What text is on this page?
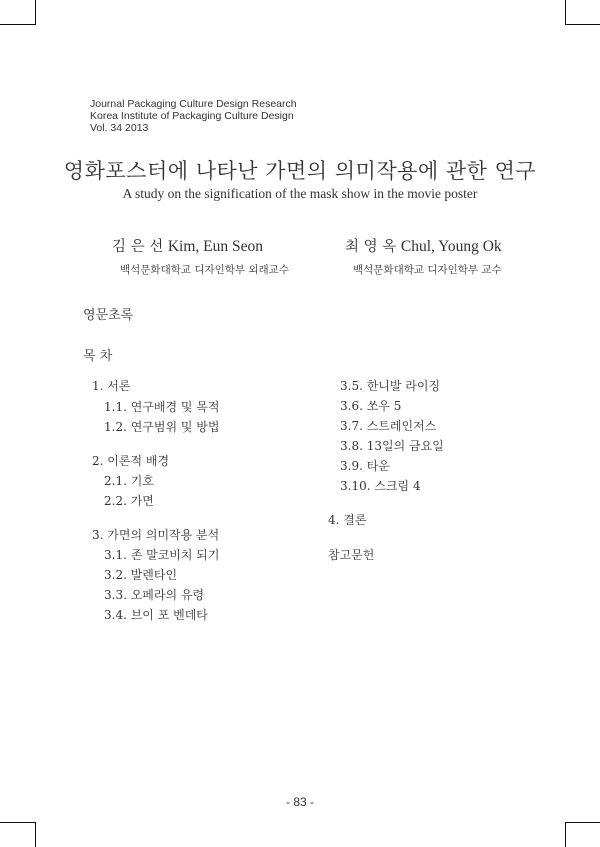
Journal Packaging Culture Design Research
Korea Institute of Packaging Culture Design
Vol. 34 2013
영화포스터에 나타난 가면의 의미작용에 관한 연구
A study on the signification of the mask show in the movie poster
김 은 선 Kim, Eun Seon
백석문화대학교 디자인학부 외래교수
최 영 옥 Chul, Young Ok
백석문화대학교 디자인학부 교수
영문초록
목 차
1. 서론
1.1. 연구배경 및 목적
1.2. 연구범위 및 방법
2. 이론적 배경
2.1. 기호
2.2. 가면
3. 가면의 의미작용 분석
3.1. 존 말코비치 되기
3.2. 발렌타인
3.3. 오페라의 유령
3.4. 브이 포 벤데타
3.5. 한니발 라이징
3.6. 쏘우 5
3.7. 스트레인저스
3.8. 13일의 금요일
3.9. 타운
3.10. 스크림 4
4. 결론
참고문헌
- 83 -
